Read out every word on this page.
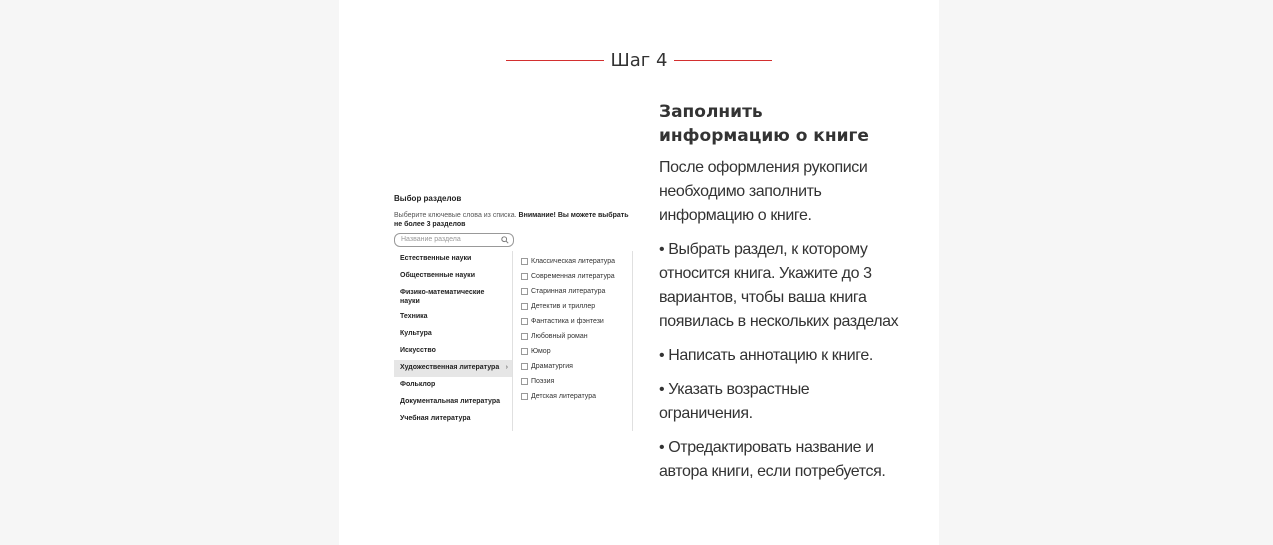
Шаг 4
Выбор разделов
Выберите ключевые слова из списка. Внимание! Вы можете выбрать не более 3 разделов
Название раздела
Естественные науки
Общественные науки
Физико-математические науки
Техника
Культура
Искусство
Художественная литература ›
Фольклор
Документальная литература
Учебная литература
Классическая литература
Современная литература
Старинная литература
Детектив и триллер
Фантастика и фэнтези
Любовный роман
Юмор
Драматургия
Поэзия
Детская литература
Заполнить информацию о книге

После оформления рукописи необходимо заполнить информацию о книге.

• Выбрать раздел, к которому относится книга. Укажите до 3 вариантов, чтобы ваша книга появилась в нескольких разделах

• Написать аннотацию к книге.

• Указать возрастные ограничения.

• Отредактировать название и автора книги, если потребуется.
